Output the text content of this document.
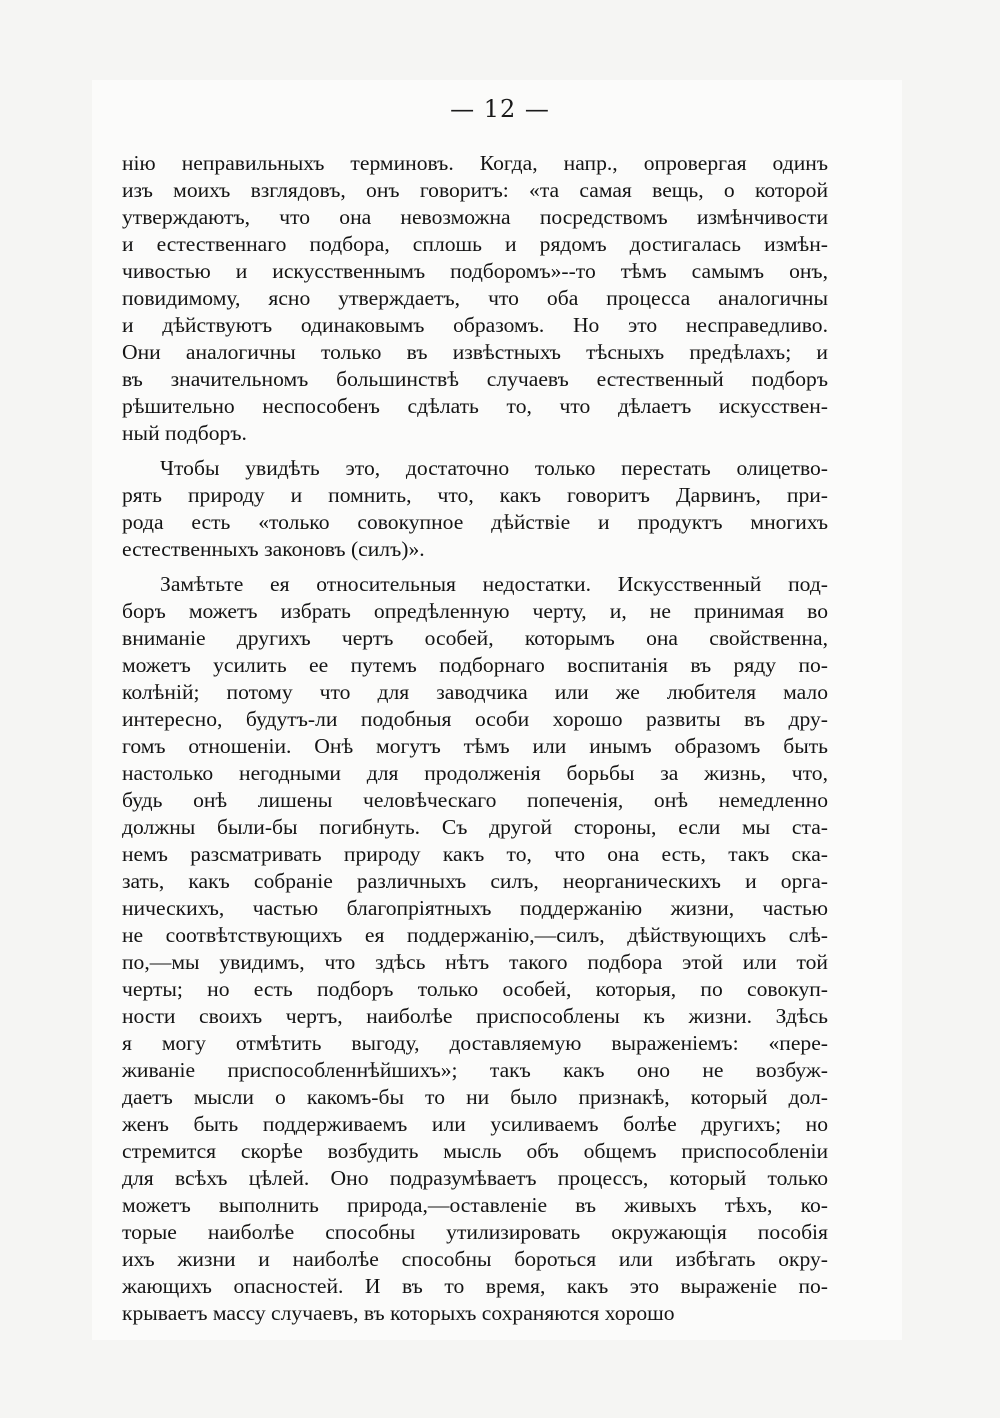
— 12 —
нію неправильныхъ терминовъ. Когда, напр., опровергая одинъ
изъ моихъ взглядовъ, онъ говоритъ: «та самая вещь, о которой
утверждаютъ, что она невозможна посредствомъ измѣнчивости
и естественнаго подбора, сплошь и рядомъ достигалась измѣн-
чивостью и искусственнымъ подборомъ»--то тѣмъ самымъ онъ,
повидимому, ясно утверждаетъ, что оба процесса аналогичны
и дѣйствуютъ одинаковымъ образомъ. Но это несправедливо.
Они аналогичны только въ извѣстныхъ тѣсныхъ предѣлахъ; и
въ значительномъ большинствѣ случаевъ естественный подборъ
рѣшительно неспособенъ сдѣлать то, что дѣлаетъ искусствен-
ный подборъ.
Чтобы увидѣть это, достаточно только перестать олицетво-
рять природу и помнить, что, какъ говоритъ Дарвинъ, при-
рода есть «только совокупное дѣйствіе и продуктъ многихъ
естественныхъ законовъ (силъ)».
Замѣтьте ея относительныя недостатки. Искусственный под-
боръ можетъ избрать опредѣленную черту, и, не принимая во
вниманіе другихъ чертъ особей, которымъ она свойственна,
можетъ усилить ее путемъ подборнаго воспитанія въ ряду по-
колѣній; потому что для заводчика или же любителя мало
интересно, будутъ-ли подобныя особи хорошо развиты въ дру-
гомъ отношеніи. Онѣ могутъ тѣмъ или инымъ образомъ быть
настолько негодными для продолженія борьбы за жизнь, что,
будь онѣ лишены человѣческаго попеченія, онѣ немедленно
должны были-бы погибнуть. Съ другой стороны, если мы ста-
немъ разсматривать природу какъ то, что она есть, такъ ска-
зать, какъ собраніе различныхъ силъ, неорганическихъ и орга-
ническихъ, частью благопріятныхъ поддержанію жизни, частью
не соотвѣтствующихъ ея поддержанію,—силъ, дѣйствующихъ слѣ-
по,—мы увидимъ, что здѣсь нѣтъ такого подбора этой или той
черты; но есть подборъ только особей, которыя, по совокуп-
ности своихъ чертъ, наиболѣе приспособлены къ жизни. Здѣсь
я могу отмѣтить выгоду, доставляемую выраженіемъ: «пере-
живаніе приспособленнѣйшихъ»; такъ какъ оно не возбуж-
даетъ мысли о какомъ-бы то ни было признакѣ, который дол-
женъ быть поддерживаемъ или усиливаемъ болѣе другихъ; но
стремится скорѣе возбудить мысль объ общемъ приспособленіи
для всѣхъ цѣлей. Оно подразумѣваетъ процессъ, который только
можетъ выполнить природа,—оставленіе въ живыхъ тѣхъ, ко-
торые наиболѣе способны утилизировать окружающія пособія
ихъ жизни и наиболѣе способны бороться или избѣгать окру-
жающихъ опасностей. И въ то время, какъ это выраженіе по-
крываетъ массу случаевъ, въ которыхъ сохраняются хорошо
